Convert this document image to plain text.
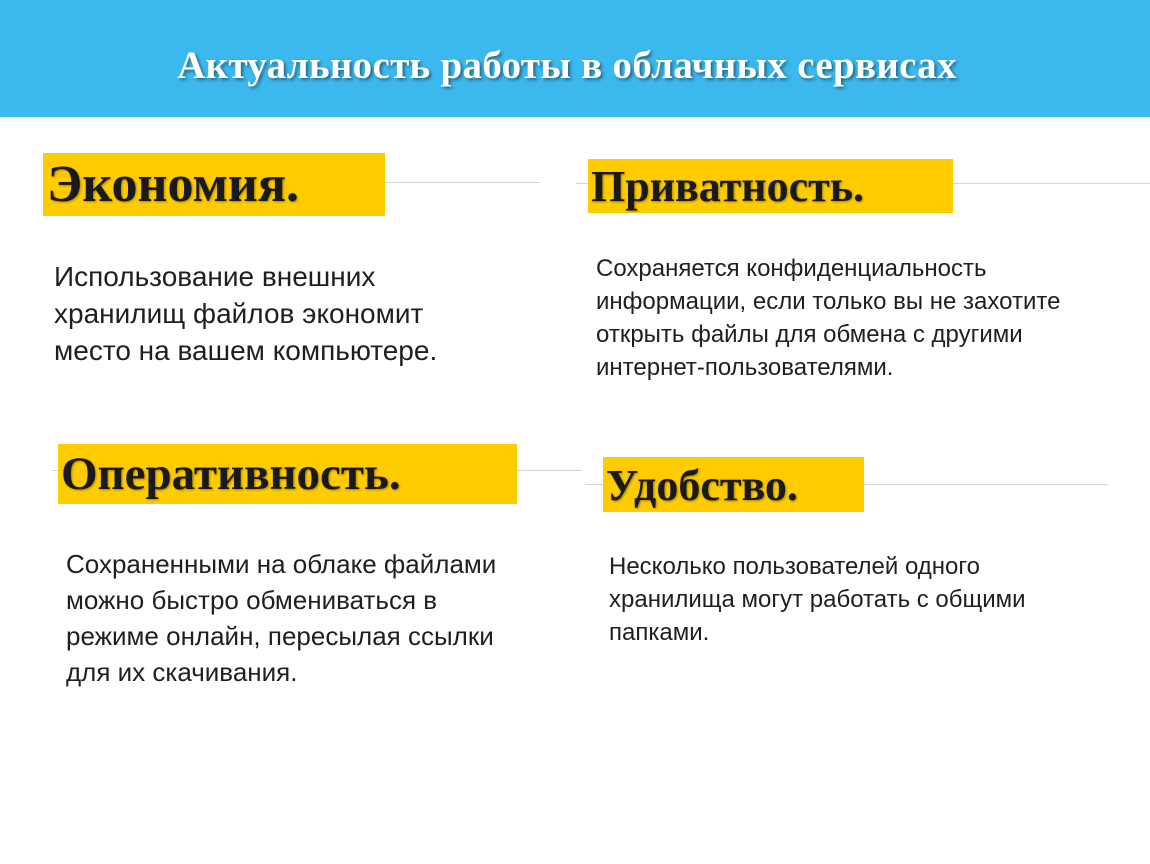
Актуальность работы в облачных сервисах
Экономия.
Использование внешних
хранилищ файлов экономит
место на вашем компьютере.
Приватность.
Сохраняется конфиденциальность
информации, если только вы не захотите
открыть файлы для обмена с другими
интернет-пользователями.
Оперативность.
Сохраненными на облаке файлами
можно быстро обмениваться в
режиме онлайн, пересылая ссылки
для их скачивания.
Удобство.
Несколько пользователей одного
хранилища могут работать с общими
папками.
